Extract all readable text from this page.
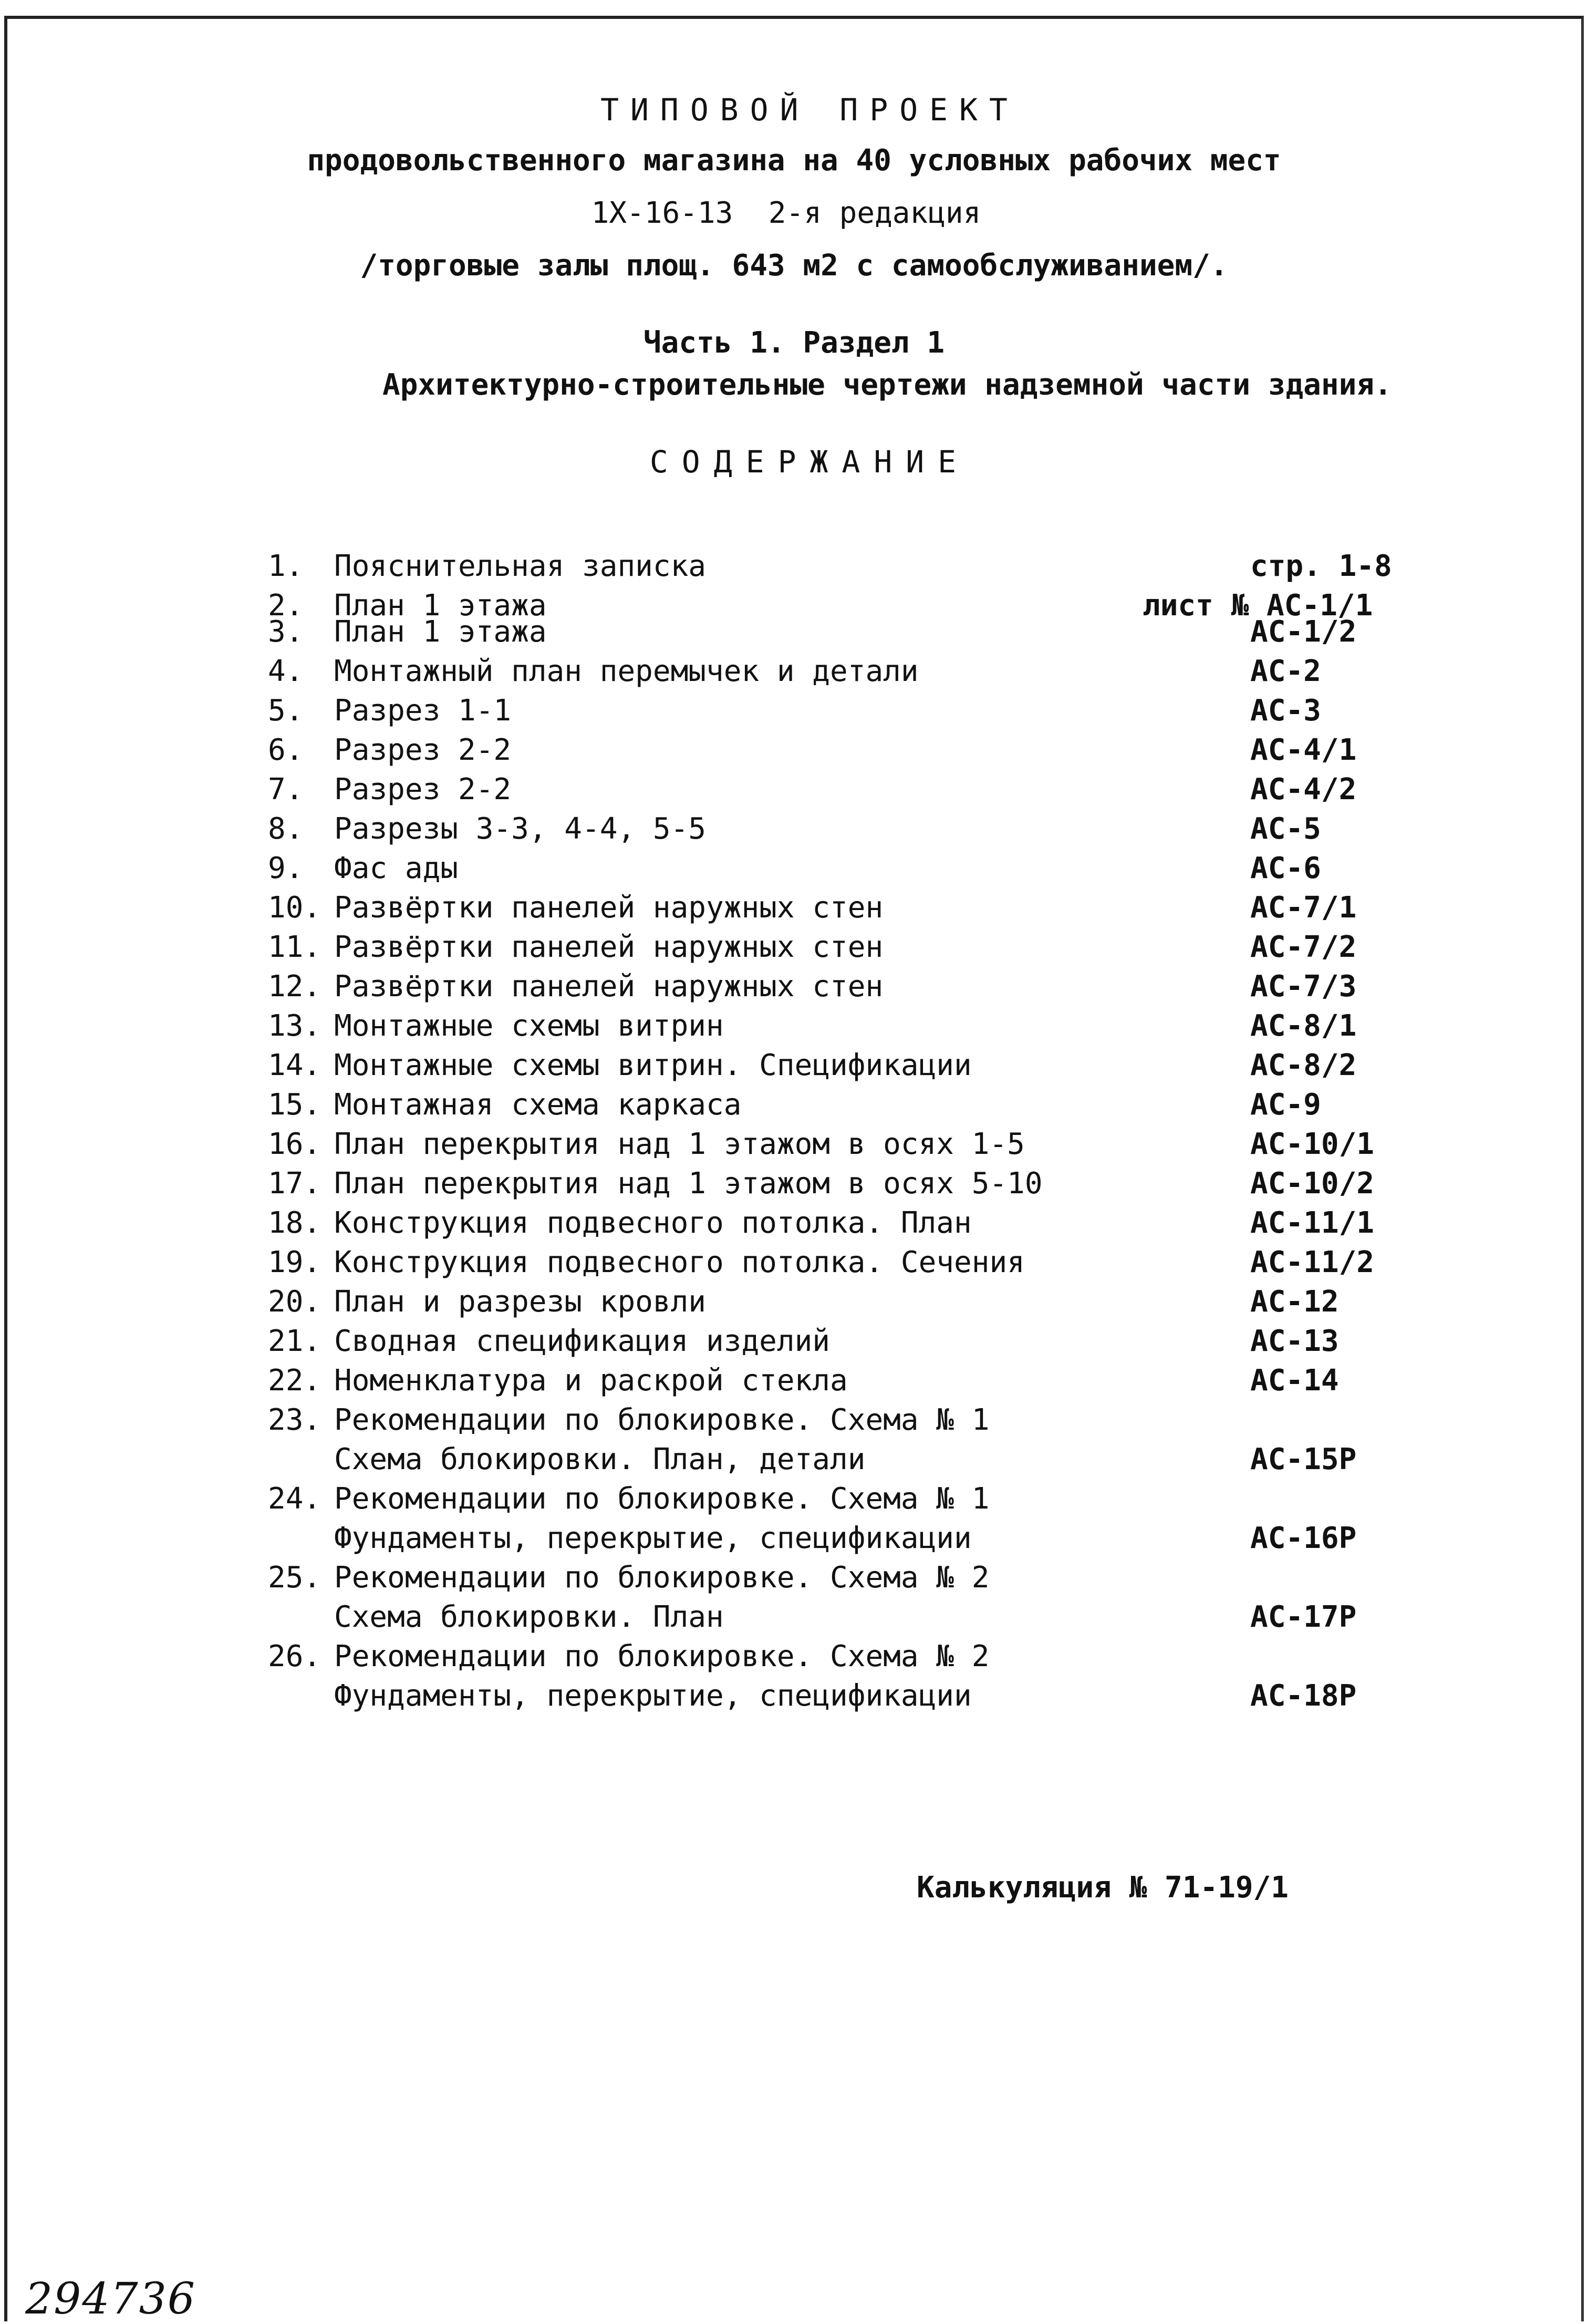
ТИПОВОЙ ПРОЕКТ
продовольственного магазина на 40 условных рабочих мест
1Х-16-13  2-я редакция
/торговые залы площ. 643 м2 с самообслуживанием/.
Часть 1. Раздел 1
Архитектурно-строительные чертежи надземной части здания.
СОДЕРЖАНИЕ
1. Пояснительная записка	стр. 1-8
2. План 1 этажа	лист № АС-1/1
3. План 1 этажа	АС-1/2
4. Монтажный план перемычек и детали	АС-2
5. Разрез 1-1	АС-3
6. Разрез 2-2	АС-4/1
7. Разрез 2-2	АС-4/2
8. Разрезы 3-3, 4-4, 5-5	АС-5
9. Фас ады	АС-6
10. Развёртки панелей наружных стен	АС-7/1
11. Развёртки панелей наружных стен	АС-7/2
12. Развёртки панелей наружных стен	АС-7/3
13. Монтажные схемы витрин	АС-8/1
14. Монтажные схемы витрин. Спецификации	АС-8/2
15. Монтажная схема каркаса	АС-9
16. План перекрытия над 1 этажом в осях 1-5	АС-10/1
17. План перекрытия над 1 этажом в осях 5-10	АС-10/2
18. Конструкция подвесного потолка. План	АС-11/1
19. Конструкция подвесного потолка. Сечения	АС-11/2
20. План и разрезы кровли	АС-12
21. Сводная спецификация изделий	АС-13
22. Номенклатура и раскрой стекла	АС-14
23. Рекомендации по блокировке. Схема № 1
Схема блокировки. План, детали	АС-15Р
24. Рекомендации по блокировке. Схема № 1
Фундаменты, перекрытие, спецификации	АС-16Р
25. Рекомендации по блокировке. Схема № 2
Схема блокировки. План	АС-17Р
26. Рекомендации по блокировке. Схема № 2
Фундаменты, перекрытие, спецификации	АС-18Р
Калькуляция № 71-19/1
294736
